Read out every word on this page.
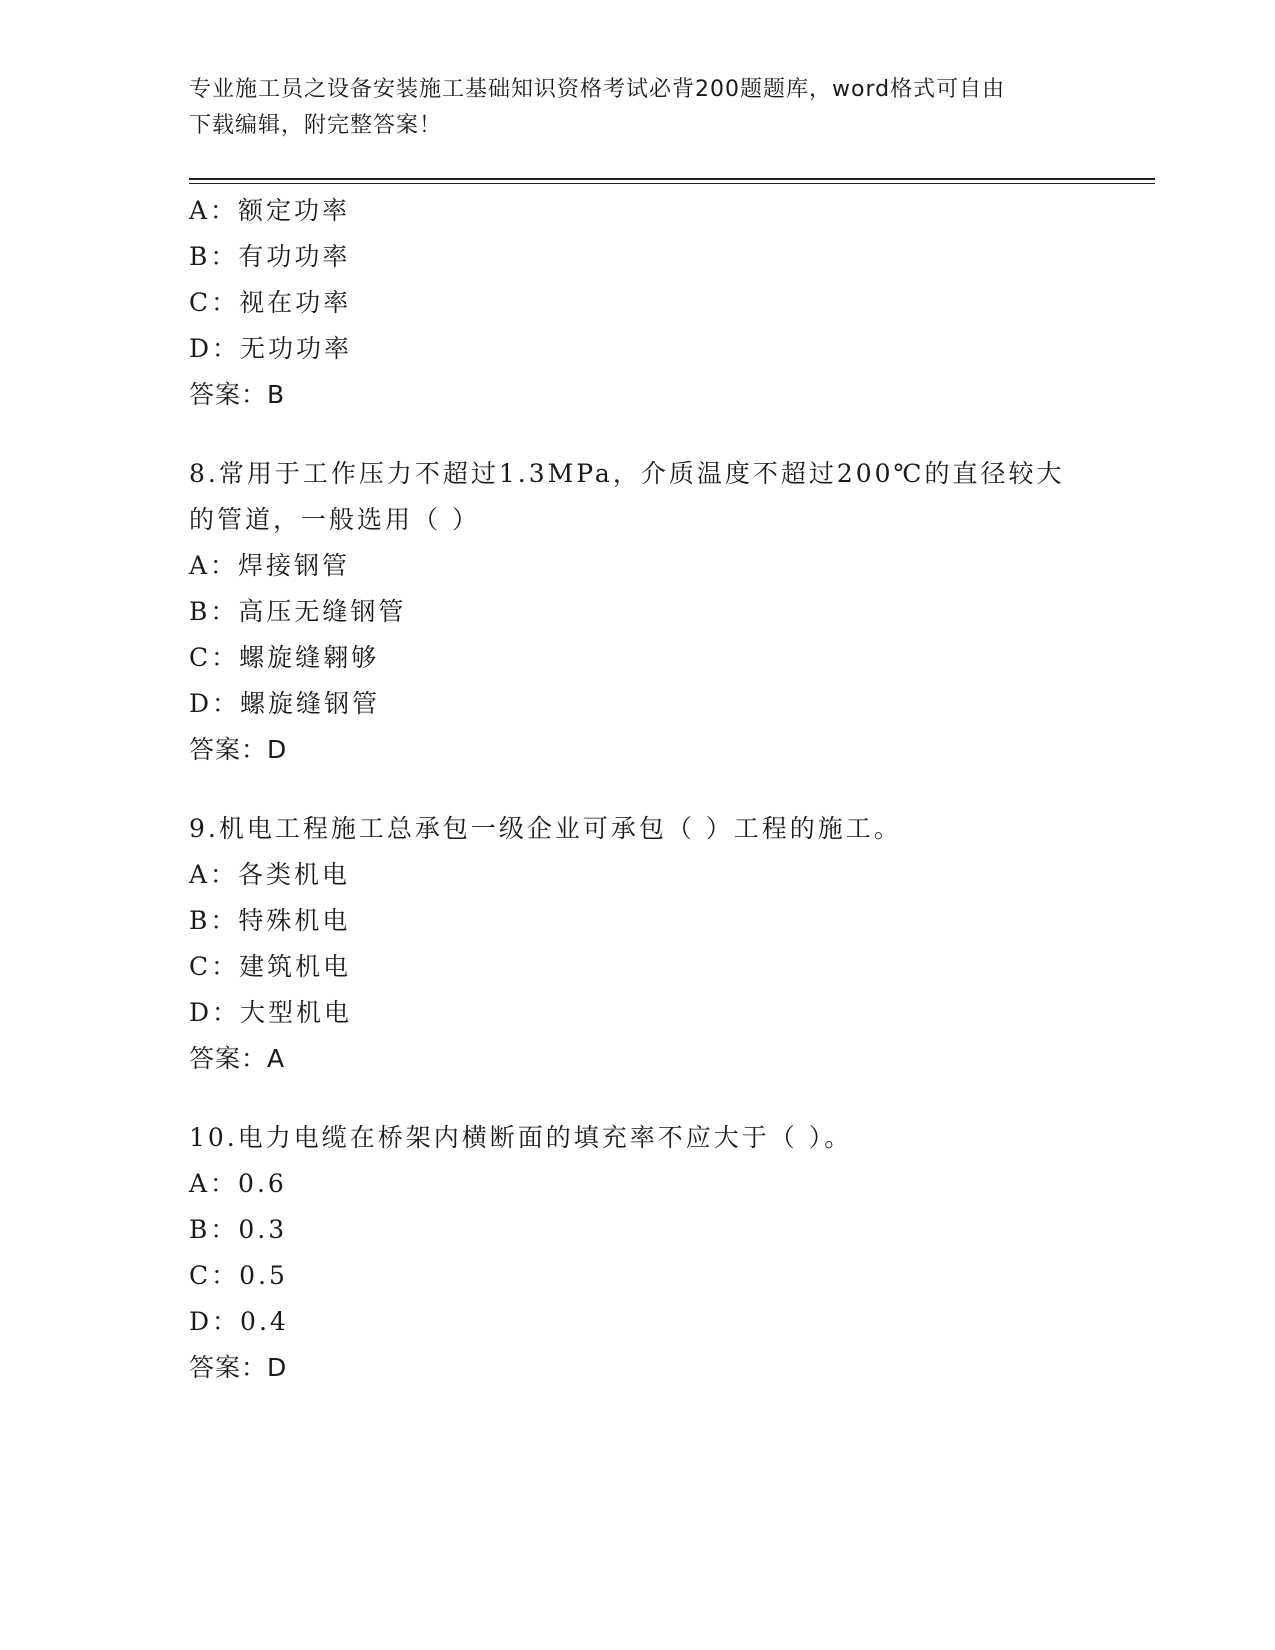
专业施工员之设备安装施工基础知识资格考试必背200题题库，word格式可自由
下载编辑，附完整答案！
A：额定功率
B：有功功率
C：视在功率
D：无功功率
答案：B
8.常用于工作压力不超过1.3MPa，介质温度不超过200℃的直径较大
的管道，一般选用（ ）
A：焊接钢管
B：高压无缝钢管
C：螺旋缝翱够
D：螺旋缝钢管
答案：D
9.机电工程施工总承包一级企业可承包（ ）工程的施工。
A：各类机电
B：特殊机电
C：建筑机电
D：大型机电
答案：A
10.电力电缆在桥架内横断面的填充率不应大于（ ）。
A：0.6
B：0.3
C：0.5
D：0.4
答案：D
